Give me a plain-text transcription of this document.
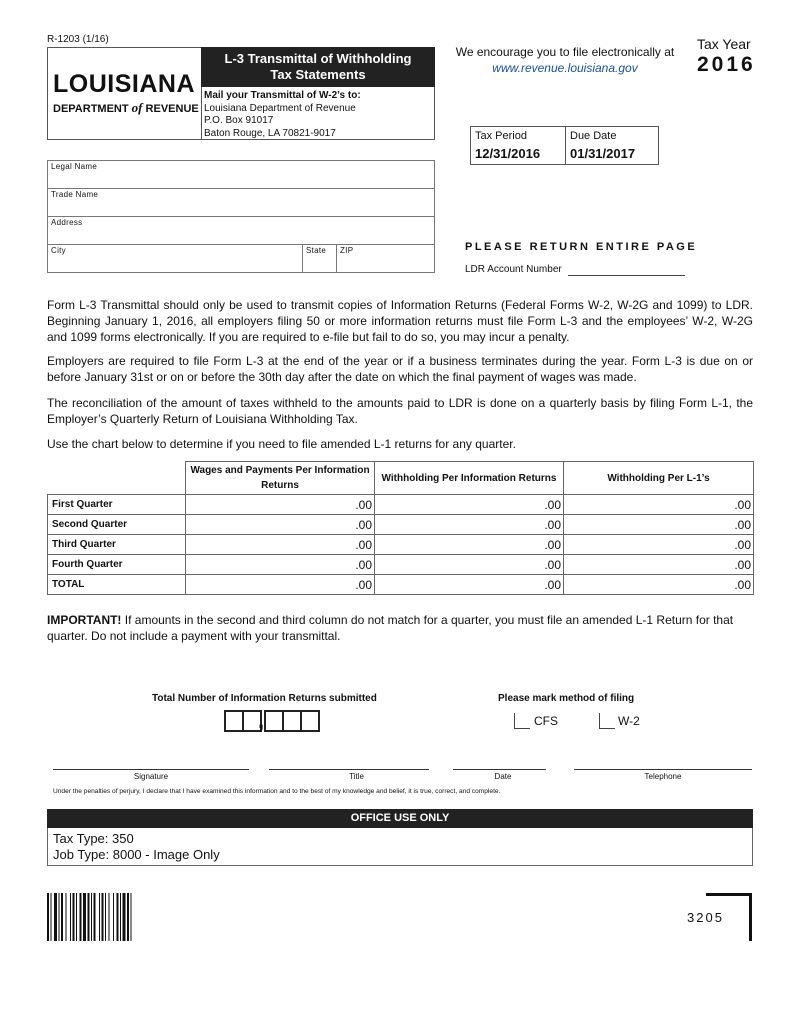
R-1203 (1/16)
LOUISIANA
DEPARTMENT of REVENUE
L-3 Transmittal of Withholding
Tax Statements
Mail your Transmittal of W-2’s to:
Louisiana Department of Revenue
P.O. Box 91017
Baton Rouge, LA 70821-9017
We encourage you to file electronically at
www.revenue.louisiana.gov
Tax Year
2016
Tax Period
12/31/2016
Due Date
01/31/2017
Legal Name
Trade Name
Address
City	State	ZIP	PLEASE RETURN ENTIRE PAGE
LDR Account Number
Form L-3 Transmittal should only be used to transmit copies of Information Returns (Federal Forms W-2, W-2G and 1099) to LDR. Beginning January 1, 2016, all employers filing 50 or more information returns must file Form L-3 and the employees’ W-2, W-2G and 1099 forms electronically. If you are required to e-file but fail to do so, you may incur a penalty.
Employers are required to file Form L-3 at the end of the year or if a business terminates during the year. Form L-3 is due on or before January 31st or on or before the 30th day after the date on which the final payment of wages was made.
The reconciliation of the amount of taxes withheld to the amounts paid to LDR is done on a quarterly basis by filing Form L-1, the Employer’s Quarterly Return of Louisiana Withholding Tax.
Use the chart below to determine if you need to file amended L-1 returns for any quarter.
	Wages and Payments Per Information Returns	Withholding Per Information Returns	Withholding Per L-1’s
First Quarter	.00	.00	.00
Second Quarter	.00	.00	.00
Third Quarter	.00	.00	.00
Fourth Quarter	.00	.00	.00
TOTAL	.00	.00	.00
IMPORTANT! If amounts in the second and third column do not match for a quarter, you must file an amended L-1 Return for that quarter. Do not include a payment with your transmittal.
Total Number of Information Returns submitted
,
Please mark method of filing
CFS	W-2
Signature	Title	Date	Telephone
Under the penalties of perjury, I declare that I have examined this information and to the best of my knowledge and belief, it is true, correct, and complete.
OFFICE USE ONLY
Tax Type: 350
Job Type: 8000 - Image Only
3205
